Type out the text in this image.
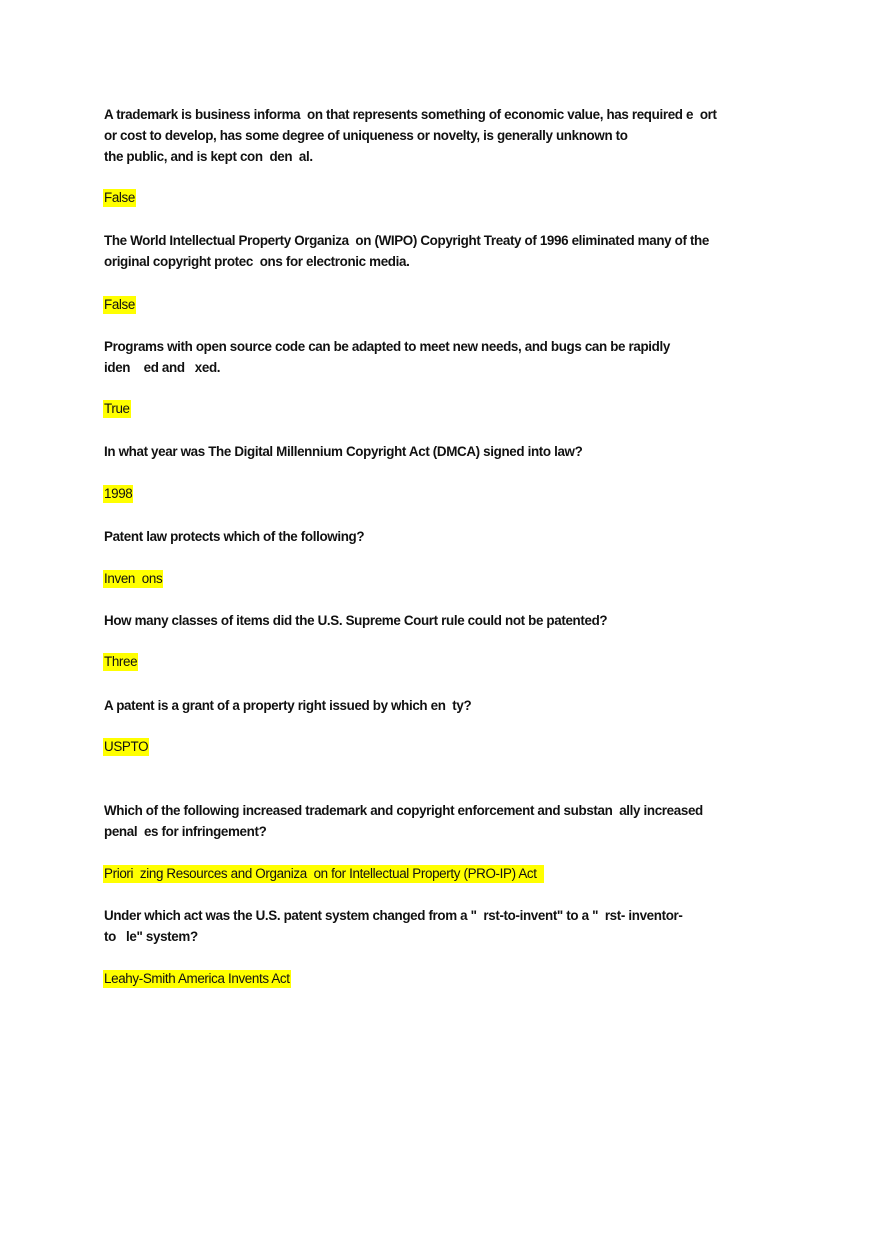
A trademark is business informa  on that represents something of economic value, has required e  ort
or cost to develop, has some degree of uniqueness or novelty, is generally unknown to
the public, and is kept con  den  al.
False
The World Intellectual Property Organiza  on (WIPO) Copyright Treaty of 1996 eliminated many of the
original copyright protec  ons for electronic media.
False
Programs with open source code can be adapted to meet new needs, and bugs can be rapidly
iden    ed and   xed.
True
In what year was The Digital Millennium Copyright Act (DMCA) signed into law?
1998
Patent law protects which of the following?
Inven  ons
How many classes of items did the U.S. Supreme Court rule could not be patented?
Three
A patent is a grant of a property right issued by which en  ty?
USPTO
Which of the following increased trademark and copyright enforcement and substan  ally increased
penal  es for infringement?
Priori  zing Resources and Organiza  on for Intellectual Property (PRO-IP) Act
Under which act was the U.S. patent system changed from a "  rst-to-invent" to a "  rst- inventor-
to   le" system?
Leahy-Smith America Invents Act
